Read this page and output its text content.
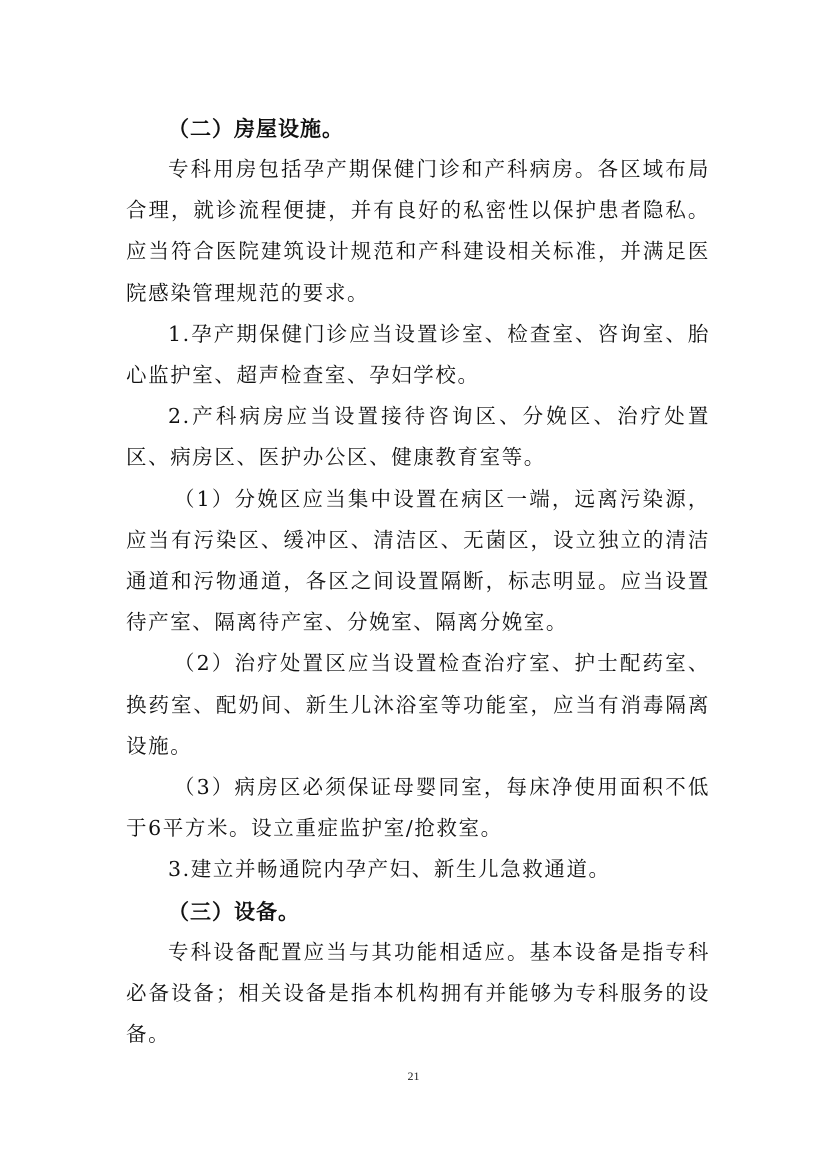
（二）房屋设施。

专科用房包括孕产期保健门诊和产科病房。各区域布局合理，就诊流程便捷，并有良好的私密性以保护患者隐私。应当符合医院建筑设计规范和产科建设相关标准，并满足医院感染管理规范的要求。

1.孕产期保健门诊应当设置诊室、检查室、咨询室、胎心监护室、超声检查室、孕妇学校。

2.产科病房应当设置接待咨询区、分娩区、治疗处置区、病房区、医护办公区、健康教育室等。

（1）分娩区应当集中设置在病区一端，远离污染源，应当有污染区、缓冲区、清洁区、无菌区，设立独立的清洁通道和污物通道，各区之间设置隔断，标志明显。应当设置待产室、隔离待产室、分娩室、隔离分娩室。

（2）治疗处置区应当设置检查治疗室、护士配药室、换药室、配奶间、新生儿沐浴室等功能室，应当有消毒隔离设施。

（3）病房区必须保证母婴同室，每床净使用面积不低于6平方米。设立重症监护室/抢救室。

3.建立并畅通院内孕产妇、新生儿急救通道。

（三）设备。

专科设备配置应当与其功能相适应。基本设备是指专科必备设备；相关设备是指本机构拥有并能够为专科服务的设备。

21
